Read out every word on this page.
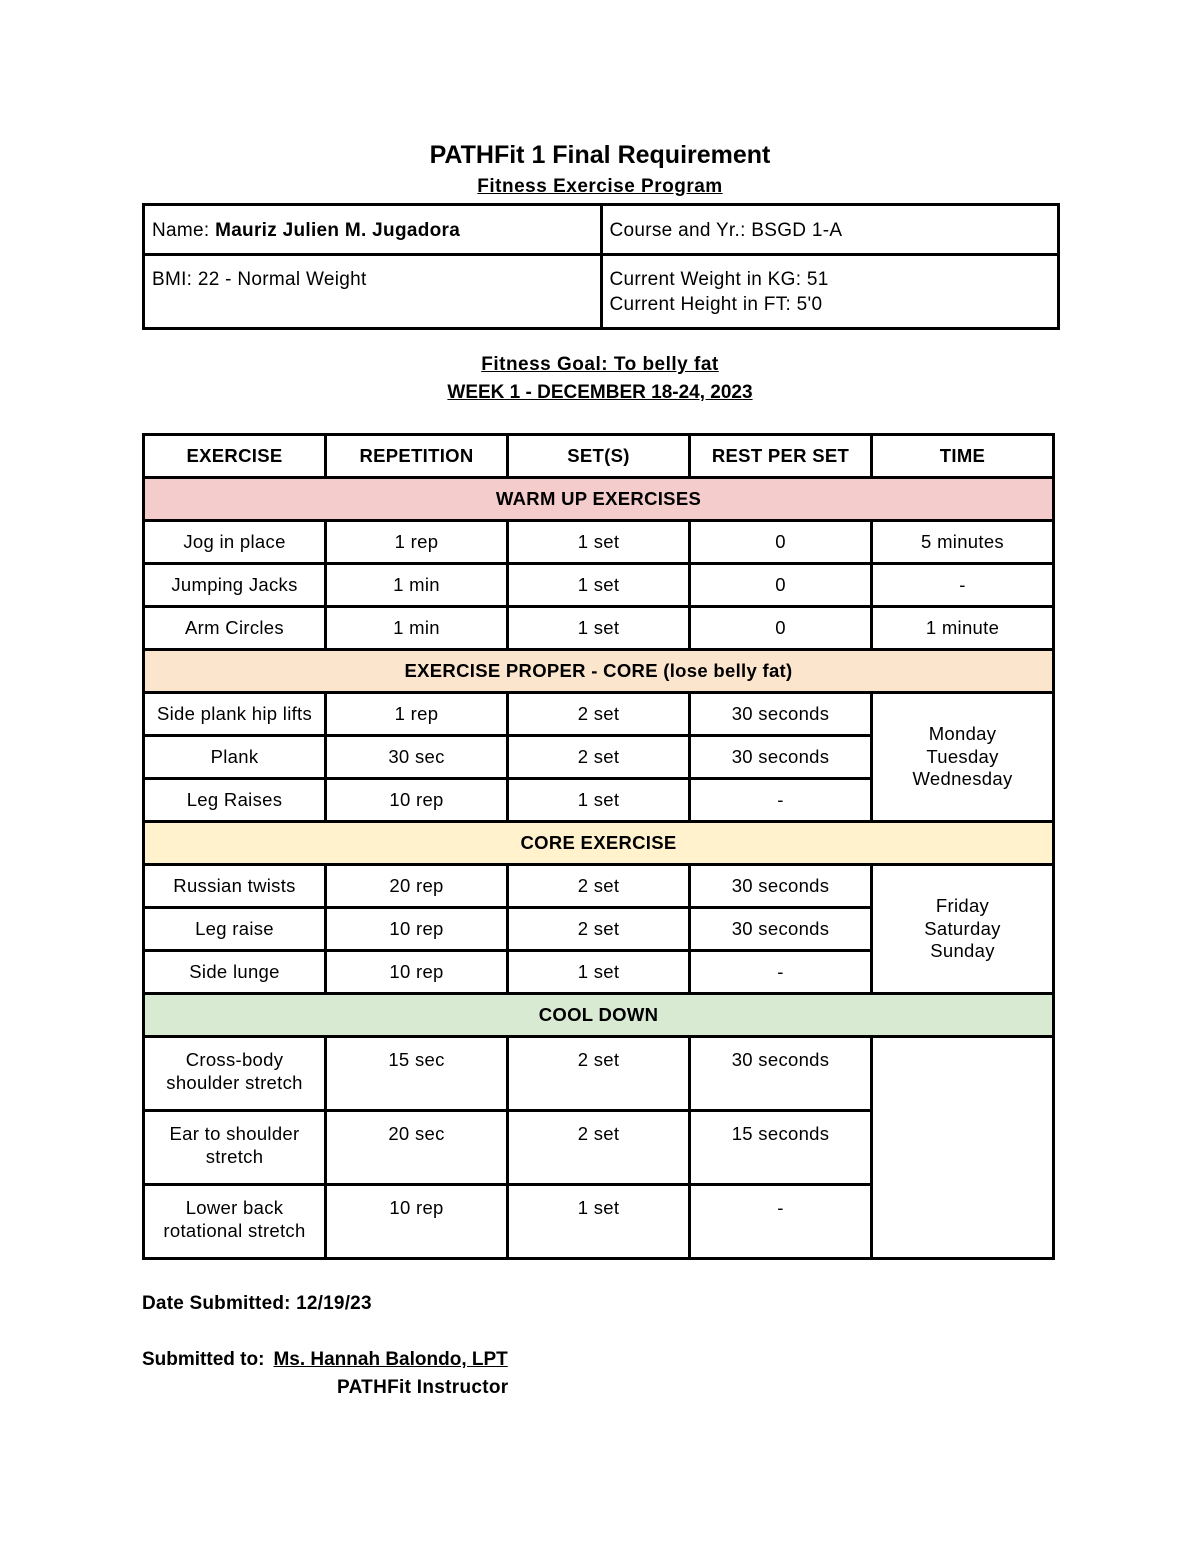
PATHFit 1 Final Requirement
Fitness Exercise Program
Name: Mauriz Julien M. Jugadora	Course and Yr.: BSGD 1-A
BMI: 22 - Normal Weight	Current Weight in KG: 51
Current Height in FT: 5'0
Fitness Goal: To belly fat
WEEK 1 - DECEMBER 18-24, 2023
EXERCISE	REPETITION	SET(S)	REST PER SET	TIME
WARM UP EXERCISES				
Jog in place	1 rep	1 set	0	5 minutes
Jumping Jacks	1 min	1 set	0	-
Arm Circles	1 min	1 set	0	1 minute
EXERCISE PROPER - CORE (lose belly fat)				
Side plank hip lifts	1 rep	2 set	30 seconds	Monday
Tuesday
Wednesday

Plank	30 sec	2 set	30 seconds	
Leg Raises	10 rep	1 set	-	
CORE EXERCISE				
Russian twists	20 rep	2 set	30 seconds	Friday
Saturday
Sunday

Leg raise	10 rep	2 set	30 seconds	
Side lunge	10 rep	1 set	-	
COOL DOWN				
Cross-body shoulder stretch	15 sec	2 set	30 seconds	
Ear to shoulder stretch	20 sec	2 set	15 seconds	
Lower back rotational stretch	10 rep	1 set	-	
Date Submitted: 12/19/23
Submitted to: Ms. Hannah Balondo, LPT
PATHFit Instructor
